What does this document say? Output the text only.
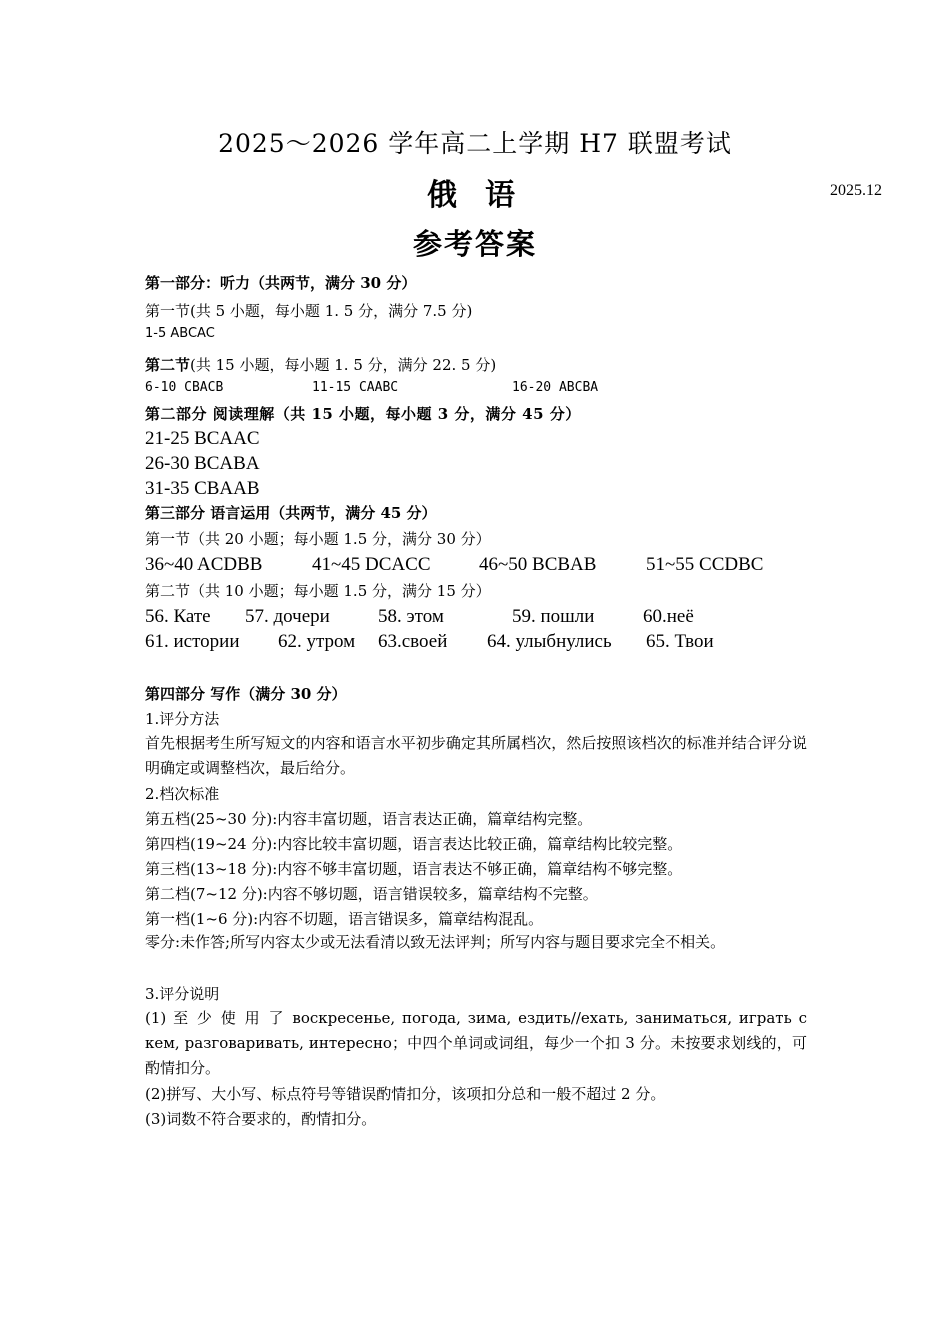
2025～2026 学年高二上学期 H7 联盟考试
俄语	2025.12
参考答案
第一部分：听力（共两节，满分 30 分）
第一节(共 5 小题，每小题 1. 5 分，满分 7.5 分)
1-5 ABCAC
第二节(共 15 小题，每小题 1. 5 分，满分 22. 5 分)
6-10 CBACB	11-15 CAABC	16-20 ABCBA
第二部分 阅读理解（共 15 小题，每小题 3 分，满分 45 分）
21-25 BCAAC
26-30 BCABA
31-35 CBAAB
第三部分 语言运用（共两节，满分 45 分）
第一节（共 20 小题；每小题 1.5 分，满分 30 分）
36~40 ACDBB	41~45 DCACC	46~50 BCBAB	51~55 CCDBC
第二节（共 10 小题；每小题 1.5 分，满分 15 分）
56. Кате 57. дочери	58. этом	59. пошли	60.неё
61. истории 62. утром 63.своей 64. улыбнулись 65. Твои
第四部分 写作（满分 30 分）
1.评分方法
首先根据考生所写短文的内容和语言水平初步确定其所属档次，然后按照该档次的标准并结合评分说明确定或调整档次，最后给分。
2.档次标准
第五档(25~30 分):内容丰富切题，语言表达正确，篇章结构完整。
第四档(19~24 分):内容比较丰富切题，语言表达比较正确，篇章结构比较完整。
第三档(13~18 分):内容不够丰富切题，语言表达不够正确，篇章结构不够完整。
第二档(7~12 分):内容不够切题，语言错误较多，篇章结构不完整。
第一档(1~6 分):内容不切题，语言错误多，篇章结构混乱。
零分:未作答;所写内容太少或无法看清以致无法评判；所写内容与题目要求完全不相关。
3.评分说明
(1) 至 少 使 用 了 воскресенье, погода, зима, ездить//ехать, заниматься, играть с кем, разговаривать, интересно；中四个单词或词组，每少一个扣 3 分。未按要求划线的，可酌情扣分。
(2)拼写、大小写、标点符号等错误酌情扣分，该项扣分总和一般不超过 2 分。
(3)词数不符合要求的，酌情扣分。
